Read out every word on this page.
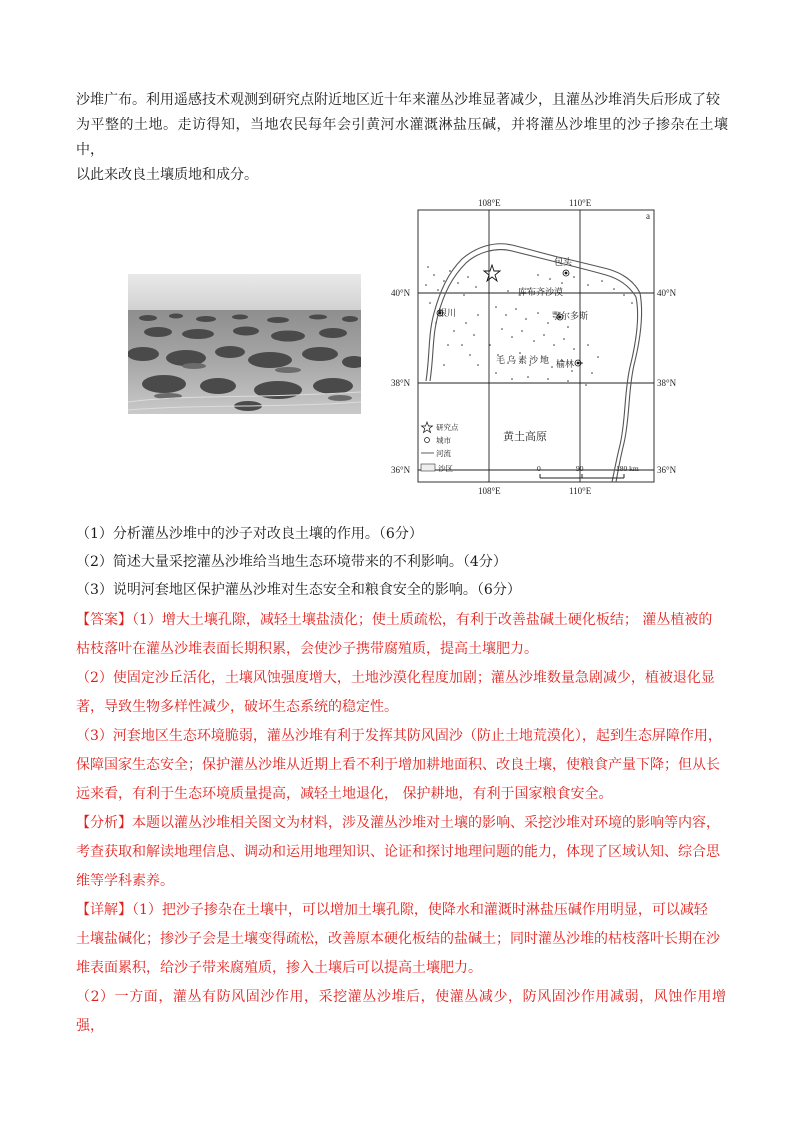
沙堆广布。利用遥感技术观测到研究点附近地区近十年来灌丛沙堆显著减少，且灌丛沙堆消失后形成了较

为平整的土地。走访得知，当地农民每年会引黄河水灌溉淋盐压碱，并将灌丛沙堆里的沙子掺杂在土壤中，

以此来改良土壤质地和成分。

108°E	110°E
108°E	110°E
40°N
38°N
36°N
40°N
38°N
36°N
a
包头
库布齐沙漠
银川	鄂尔多斯
毛乌素沙地 榆林
黄土高原
研究点
城市
河流
沙区	0	90	180 km

（1）分析灌丛沙堆中的沙子对改良土壤的作用。（6分）

（2）简述大量采挖灌丛沙堆给当地生态环境带来的不利影响。（4分）

（3）说明河套地区保护灌丛沙堆对生态安全和粮食安全的影响。（6分）

【答案】（1）增大土壤孔隙，减轻土壤盐渍化；使土质疏松，有利于改善盐碱土硬化板结； 灌丛植被的

枯枝落叶在灌丛沙堆表面长期积累，会使沙子携带腐殖质，提高土壤肥力。

（2）使固定沙丘活化，土壤风蚀强度增大，土地沙漠化程度加剧；灌丛沙堆数量急剧减少，植被退化显

著，导致生物多样性减少，破坏生态系统的稳定性。

（3）河套地区生态环境脆弱，灌丛沙堆有利于发挥其防风固沙（防止土地荒漠化），起到生态屏障作用，

保障国家生态安全；保护灌丛沙堆从近期上看不利于增加耕地面积、改良土壤，使粮食产量下降；但从长

远来看，有利于生态环境质量提高，减轻土地退化， 保护耕地，有利于国家粮食安全。

【分析】本题以灌丛沙堆相关图文为材料，涉及灌丛沙堆对土壤的影响、采挖沙堆对环境的影响等内容，

考查获取和解读地理信息、调动和运用地理知识、论证和探讨地理问题的能力，体现了区域认知、综合思

维等学科素养。

【详解】（1）把沙子掺杂在土壤中，可以增加土壤孔隙，使降水和灌溉时淋盐压碱作用明显，可以减轻

土壤盐碱化；掺沙子会是土壤变得疏松，改善原本硬化板结的盐碱土；同时灌丛沙堆的枯枝落叶长期在沙

堆表面累积，给沙子带来腐殖质，掺入土壤后可以提高土壤肥力。

（2）一方面，灌丛有防风固沙作用，采挖灌丛沙堆后，使灌丛减少，防风固沙作用减弱，风蚀作用增强，
